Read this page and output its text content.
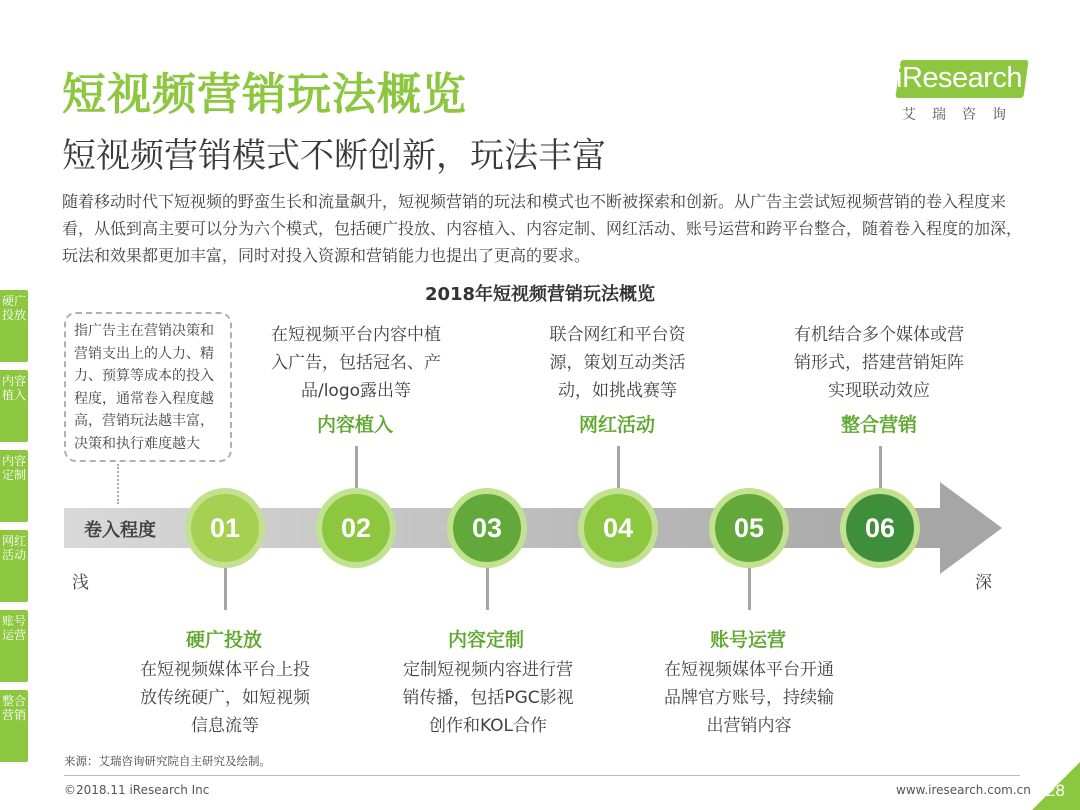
短视频营销玩法概览
短视频营销模式不断创新，玩法丰富
随着移动时代下短视频的野蛮生长和流量飙升，短视频营销的玩法和模式也不断被探索和创新。从广告主尝试短视频营销的卷入程度来看，从低到高主要可以分为六个模式，包括硬广投放、内容植入、内容定制、网红活动、账号运营和跨平台整合，随着卷入程度的加深，玩法和效果都更加丰富，同时对投入资源和营销能力也提出了更高的要求。
iResearch
艾瑞咨询
硬广投放
内容植入
内容定制
网红活动
账号运营
整合营销
2018年短视频营销玩法概览
指广告主在营销决策和营销支出上的人力、精力、预算等成本的投入程度，通常卷入程度越高，营销玩法越丰富，决策和执行难度越大
卷入程度
浅	深
01	02	03	04	05	06
在短视频平台内容中植入广告，包括冠名、产品/logo露出等
内容植入
联合网红和平台资源，策划互动类活动，如挑战赛等
网红活动
有机结合多个媒体或营销形式，搭建营销矩阵实现联动效应
整合营销
硬广投放
在短视频媒体平台上投放传统硬广，如短视频信息流等
内容定制
定制短视频内容进行营销传播，包括PGC影视创作和KOL合作
账号运营
在短视频媒体平台开通品牌官方账号，持续输出营销内容
来源：艾瑞咨询研究院自主研究及绘制。
©2018.11 iResearch Inc	www.iresearch.com.cn 28
